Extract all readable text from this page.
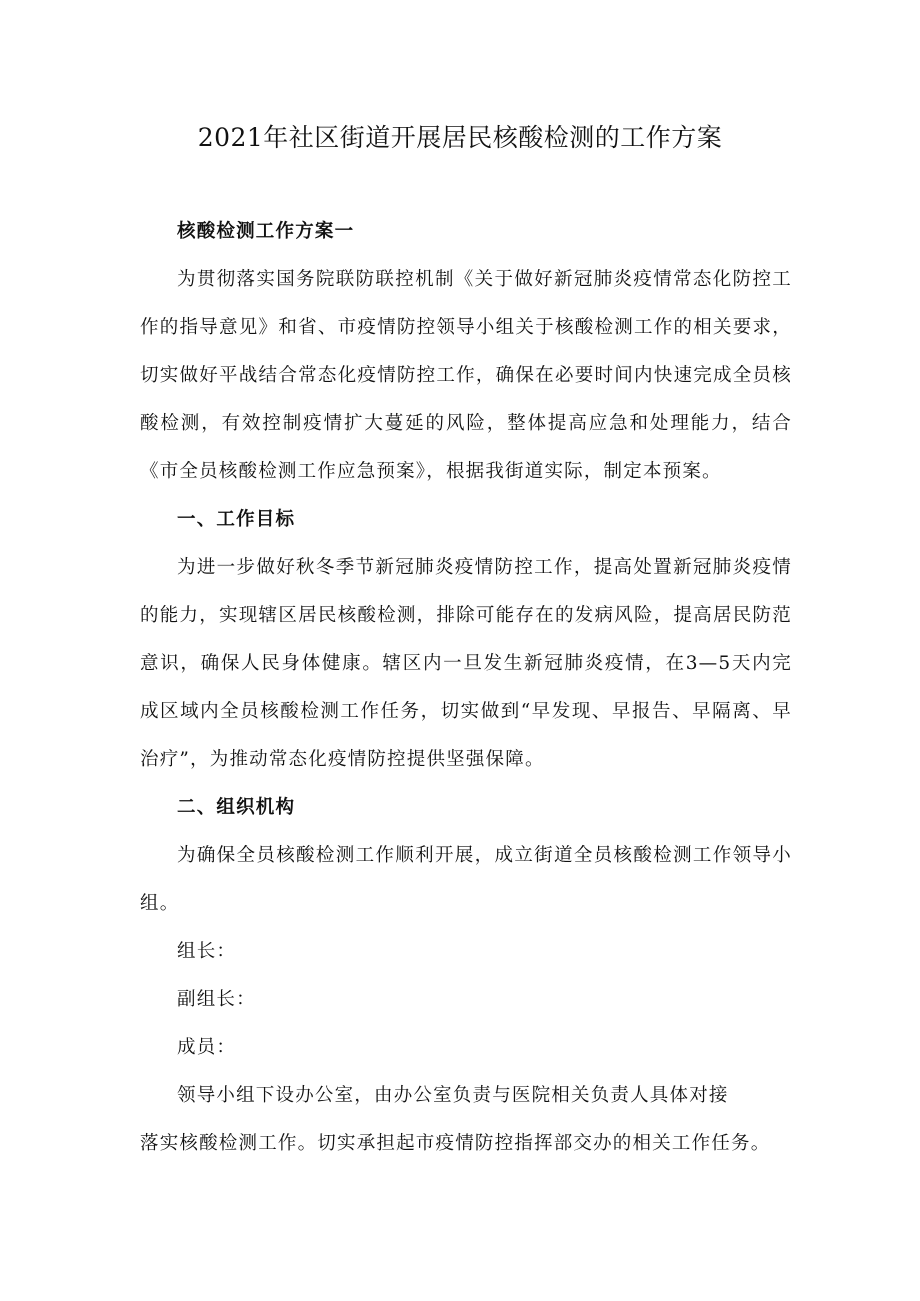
2021年社区街道开展居民核酸检测的工作方案

核酸检测工作方案一

为贯彻落实国务院联防联控机制《关于做好新冠肺炎疫情常态化防控工作的指导意见》和省、市疫情防控领导小组关于核酸检测工作的相关要求，切实做好平战结合常态化疫情防控工作，确保在必要时间内快速完成全员核酸检测，有效控制疫情扩大蔓延的风险，整体提高应急和处理能力，结合《市全员核酸检测工作应急预案》，根据我街道实际，制定本预案。

一、工作目标

为进一步做好秋冬季节新冠肺炎疫情防控工作，提高处置新冠肺炎疫情的能力，实现辖区居民核酸检测，排除可能存在的发病风险，提高居民防范意识，确保人民身体健康。辖区内一旦发生新冠肺炎疫情，在3—5天内完成区域内全员核酸检测工作任务，切实做到“早发现、早报告、早隔离、早治疗”，为推动常态化疫情防控提供坚强保障。

二、组织机构

为确保全员核酸检测工作顺利开展，成立街道全员核酸检测工作领导小组。

组长：

副组长：

成员：

领导小组下设办公室，由办公室负责与医院相关负责人具体对接
落实核酸检测工作。切实承担起市疫情防控指挥部交办的相关工作任务。
